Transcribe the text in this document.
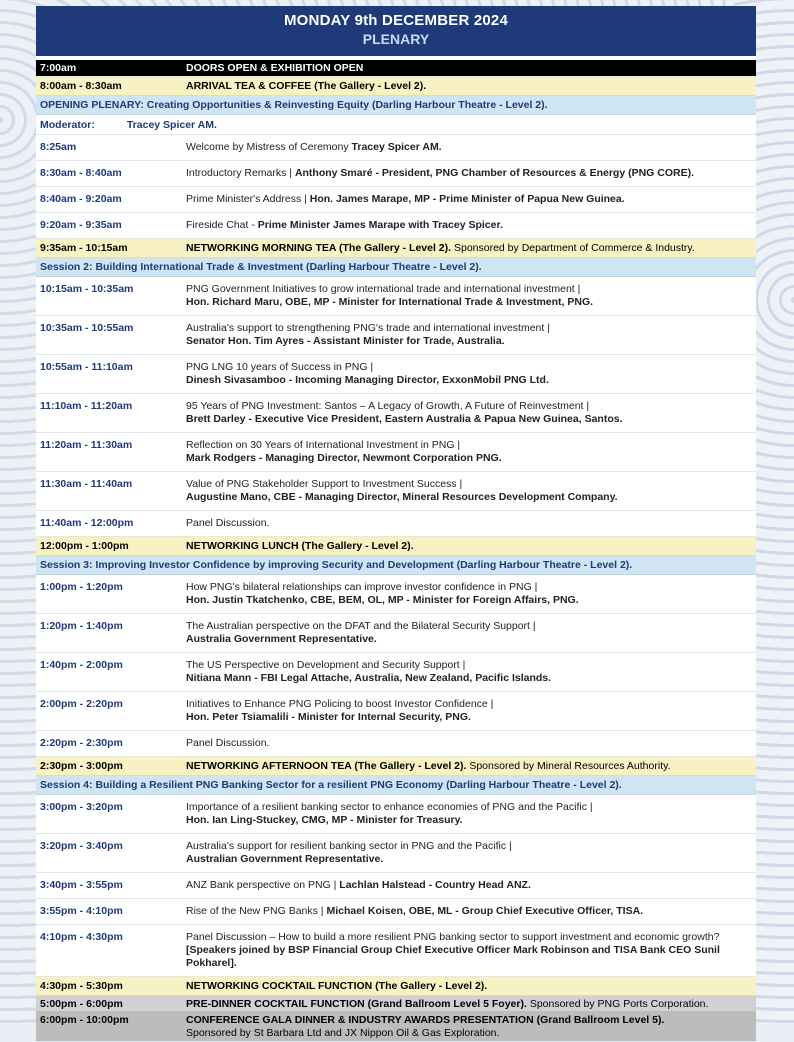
MONDAY 9th DECEMBER 2024
PLENARY
7:00am	DOORS OPEN & EXHIBITION OPEN
8:00am - 8:30am	ARRIVAL TEA & COFFEE (The Gallery - Level 2).
OPENING PLENARY: Creating Opportunities & Reinvesting Equity (Darling Harbour Theatre - Level 2).
Moderator:	Tracey Spicer AM.
8:25am	Welcome by Mistress of Ceremony Tracey Spicer AM.
8:30am - 8:40am	Introductory Remarks | Anthony Smaré - President, PNG Chamber of Resources & Energy (PNG CORE).
8:40am - 9:20am	Prime Minister's Address | Hon. James Marape, MP - Prime Minister of Papua New Guinea.
9:20am - 9:35am	Fireside Chat - Prime Minister James Marape with Tracey Spicer.
9:35am - 10:15am	NETWORKING MORNING TEA (The Gallery - Level 2). Sponsored by Department of Commerce & Industry.
Session 2: Building International Trade & Investment (Darling Harbour Theatre - Level 2).
10:15am - 10:35am	PNG Government Initiatives to grow international trade and international investment |
Hon. Richard Maru, OBE, MP - Minister for International Trade & Investment, PNG.
10:35am - 10:55am	Australia's support to strengthening PNG's trade and international investment |
Senator Hon. Tim Ayres - Assistant Minister for Trade, Australia.
10:55am - 11:10am	PNG LNG 10 years of Success in PNG |
Dinesh Sivasamboo - Incoming Managing Director, ExxonMobil PNG Ltd.
11:10am - 11:20am	95 Years of PNG Investment: Santos – A Legacy of Growth, A Future of Reinvestment |
Brett Darley - Executive Vice President, Eastern Australia & Papua New Guinea, Santos.
11:20am - 11:30am	Reflection on 30 Years of International Investment in PNG |
Mark Rodgers - Managing Director, Newmont Corporation PNG.
11:30am - 11:40am	Value of PNG Stakeholder Support to Investment Success |
Augustine Mano, CBE - Managing Director, Mineral Resources Development Company.
11:40am - 12:00pm	Panel Discussion.
12:00pm - 1:00pm	NETWORKING LUNCH (The Gallery - Level 2).
Session 3: Improving Investor Confidence by improving Security and Development (Darling Harbour Theatre - Level 2).
1:00pm - 1:20pm	How PNG's bilateral relationships can improve investor confidence in PNG |
Hon. Justin Tkatchenko, CBE, BEM, OL, MP - Minister for Foreign Affairs, PNG.
1:20pm - 1:40pm	The Australian perspective on the DFAT and the Bilateral Security Support |
Australia Government Representative.
1:40pm - 2:00pm	The US Perspective on Development and Security Support |
Nitiana Mann - FBI Legal Attache, Australia, New Zealand, Pacific Islands.
2:00pm - 2:20pm	Initiatives to Enhance PNG Policing to boost Investor Confidence |
Hon. Peter Tsiamalili - Minister for Internal Security, PNG.
2:20pm - 2:30pm	Panel Discussion.
2:30pm - 3:00pm	NETWORKING AFTERNOON TEA (The Gallery - Level 2). Sponsored by Mineral Resources Authority.
Session 4: Building a Resilient PNG Banking Sector for a resilient PNG Economy (Darling Harbour Theatre - Level 2).
3:00pm - 3:20pm	Importance of a resilient banking sector to enhance economies of PNG and the Pacific |
Hon. Ian Ling-Stuckey, CMG, MP - Minister for Treasury.
3:20pm - 3:40pm	Australia's support for resilient banking sector in PNG and the Pacific |
Australian Government Representative.
3:40pm - 3:55pm	ANZ Bank perspective on PNG | Lachlan Halstead - Country Head ANZ.
3:55pm - 4:10pm	Rise of the New PNG Banks | Michael Koisen, OBE, ML - Group Chief Executive Officer, TISA.
4:10pm - 4:30pm	Panel Discussion – How to build a more resilient PNG banking sector to support investment and economic growth? [Speakers joined by BSP Financial Group Chief Executive Officer Mark Robinson and TISA Bank CEO Sunil Pokharel].
4:30pm - 5:30pm	NETWORKING COCKTAIL FUNCTION (The Gallery - Level 2).
5:00pm - 6:00pm	PRE-DINNER COCKTAIL FUNCTION (Grand Ballroom Level 5 Foyer). Sponsored by PNG Ports Corporation.
6:00pm - 10:00pm	CONFERENCE GALA DINNER & INDUSTRY AWARDS PRESENTATION (Grand Ballroom Level 5).
Sponsored by St Barbara Ltd and JX Nippon Oil & Gas Exploration.
